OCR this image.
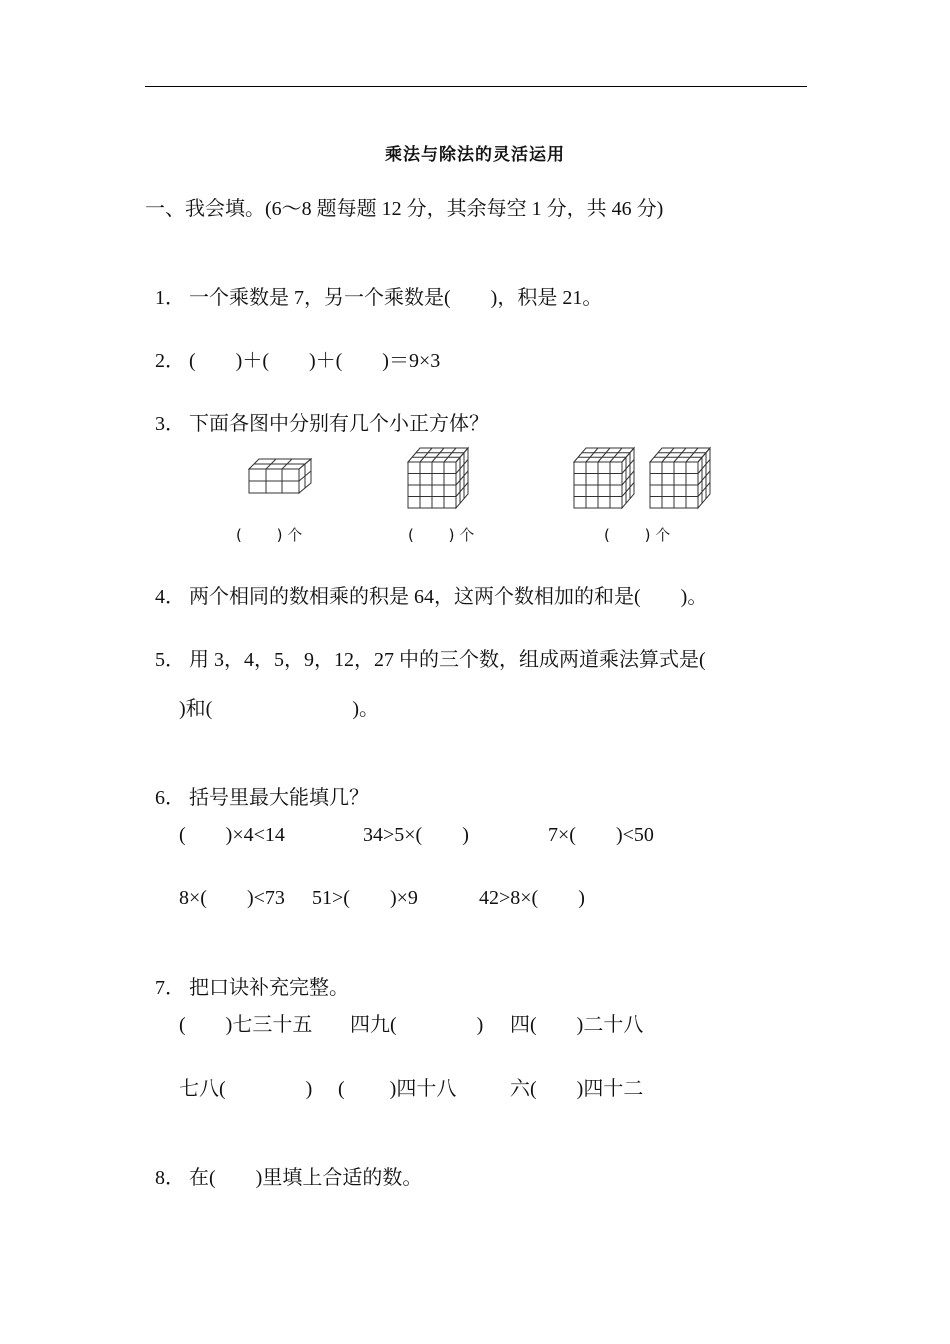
乘法与除法的灵活运用
一、我会填。(6～8 题每题 12 分，其余每空 1 分，共 46 分)

1． 一个乘数是 7，另一个乘数是(　　)，积是 21。

2． (　　)＋(　　)＋(　　)＝9×3

3． 下面各图中分别有几个小正方体？

(　　 ) 个	(　　 ) 个	(　　 ) 个

4． 两个相同的数相乘的积是 64，这两个数相加的和是(　　)。

5． 用 3，4，5，9，12，27 中的三个数，组成两道乘法算式是(

)和(　　　　　　　)。

6． 括号里最大能填几？

(　　)×4<14	34>5×(　　)	7×(　　)<50
8×(　　)<73 51>(　　)×9	42>8×(　　)

7． 把口诀补充完整。

(　　)七三十五 四九(　　　　) 四(　　)二十八
七八(　　　　) (　　 )四十八	六(　　)四十二

8． 在(　　)里填上合适的数。
